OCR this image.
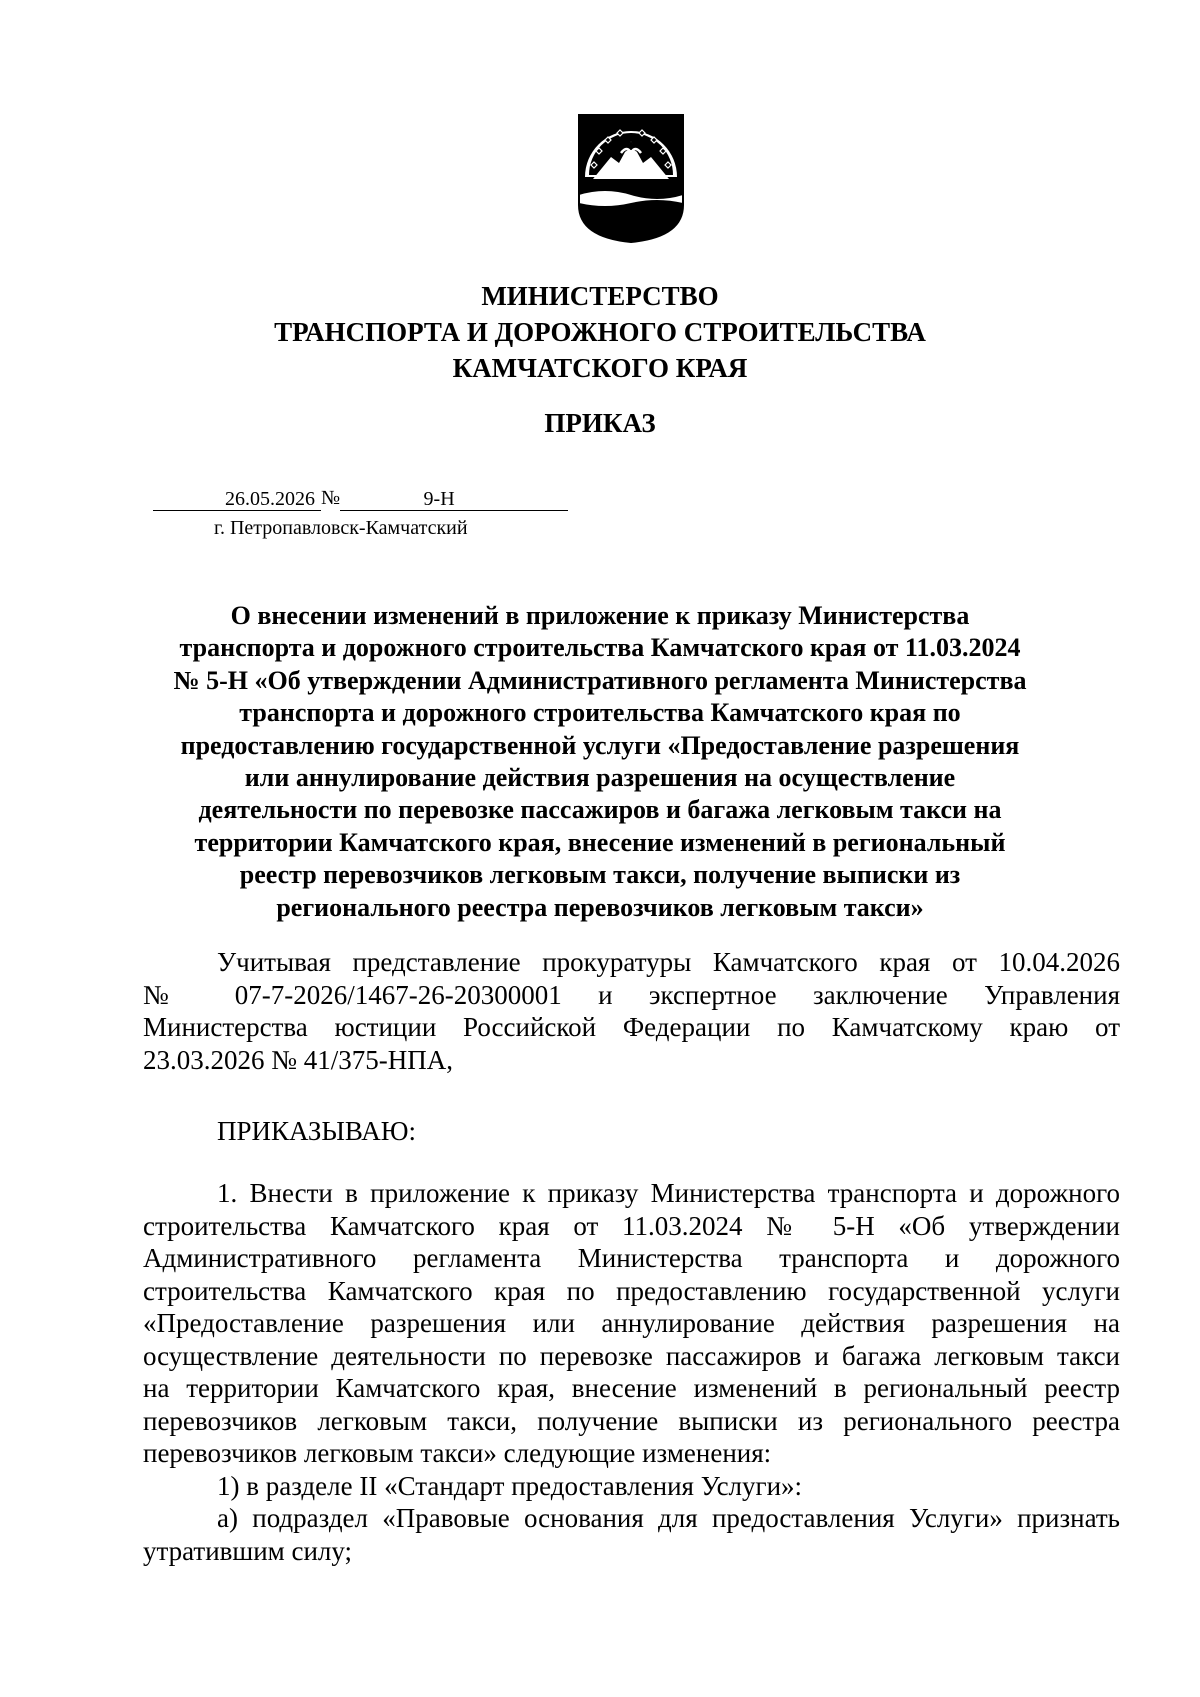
МИНИСТЕРСТВО
ТРАНСПОРТА И ДОРОЖНОГО СТРОИТЕЛЬСТВА
КАМЧАТСКОГО КРАЯ
ПРИКАЗ
26.05.2026 №	9-Н
г. Петропавловск-Камчатский
О внесении изменений в приложение к приказу Министерства
транспорта и дорожного строительства Камчатского края от 11.03.2024
№ 5-Н «Об утверждении Административного регламента Министерства
транспорта и дорожного строительства Камчатского края по
предоставлению государственной услуги «Предоставление разрешения
или аннулирование действия разрешения на осуществление
деятельности по перевозке пассажиров и багажа легковым такси на
территории Камчатского края, внесение изменений в региональный
реестр перевозчиков легковым такси, получение выписки из
регионального реестра перевозчиков легковым такси»
Учитывая представление прокуратуры Камчатского края от 10.04.2026
№ 07-7-2026/1467-26-20300001 и экспертное заключение Управления
Министерства юстиции Российской Федерации по Камчатскому краю от
23.03.2026 № 41/375-НПА,
ПРИКАЗЫВАЮ:
1. Внести в приложение к приказу Министерства транспорта и дорожного
строительства Камчатского края от 11.03.2024 № 5-Н «Об утверждении
Административного регламента Министерства транспорта и дорожного
строительства Камчатского края по предоставлению государственной услуги
«Предоставление разрешения или аннулирование действия разрешения на
осуществление деятельности по перевозке пассажиров и багажа легковым такси
на территории Камчатского края, внесение изменений в региональный реестр
перевозчиков легковым такси, получение выписки из регионального реестра
перевозчиков легковым такси» следующие изменения:
1) в разделе II «Стандарт предоставления Услуги»:
а) подраздел «Правовые основания для предоставления Услуги» признать
утратившим силу;
